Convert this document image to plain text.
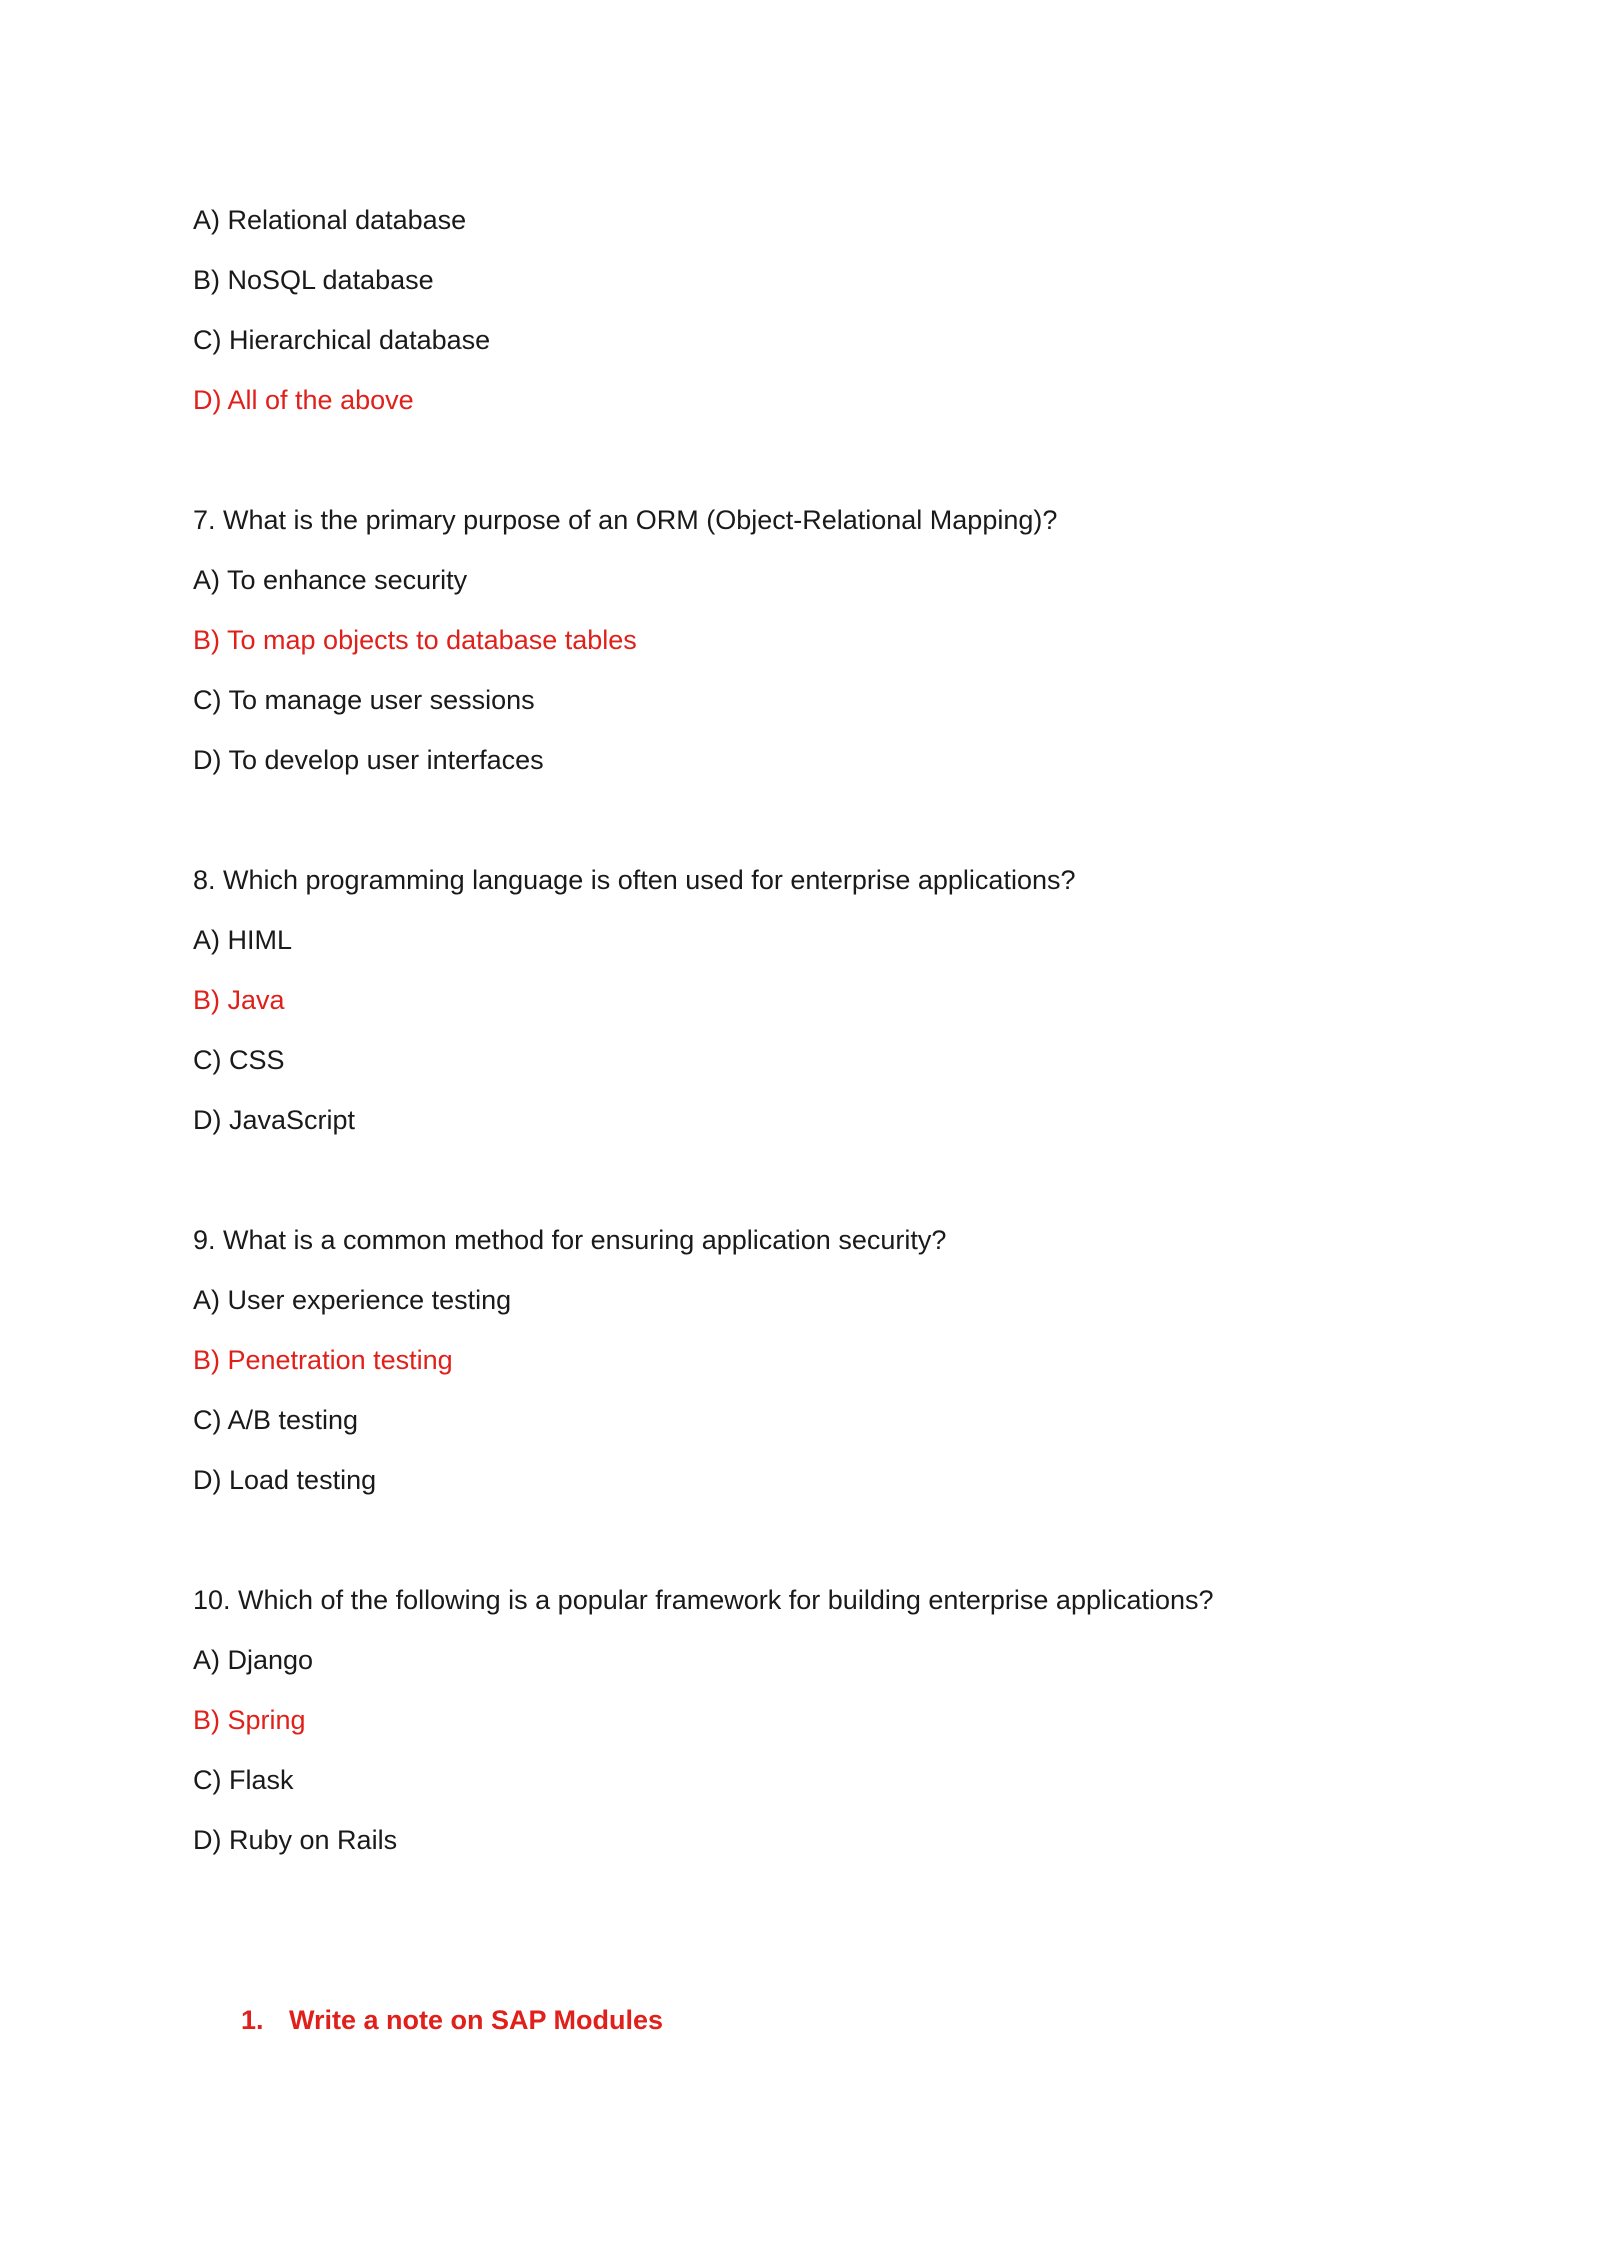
A) Relational database
B) NoSQL database
C) Hierarchical database
D) All of the above
7. What is the primary purpose of an ORM (Object-Relational Mapping)?
A) To enhance security
B) To map objects to database tables
C) To manage user sessions
D) To develop user interfaces
8. Which programming language is often used for enterprise applications?
A) HIML
B) Java
C) CSS
D) JavaScript
9. What is a common method for ensuring application security?
A) User experience testing
B) Penetration testing
C) A/B testing
D) Load testing
10. Which of the following is a popular framework for building enterprise applications?
A) Django
B) Spring
C) Flask
D) Ruby on Rails
1. Write a note on SAP Modules
